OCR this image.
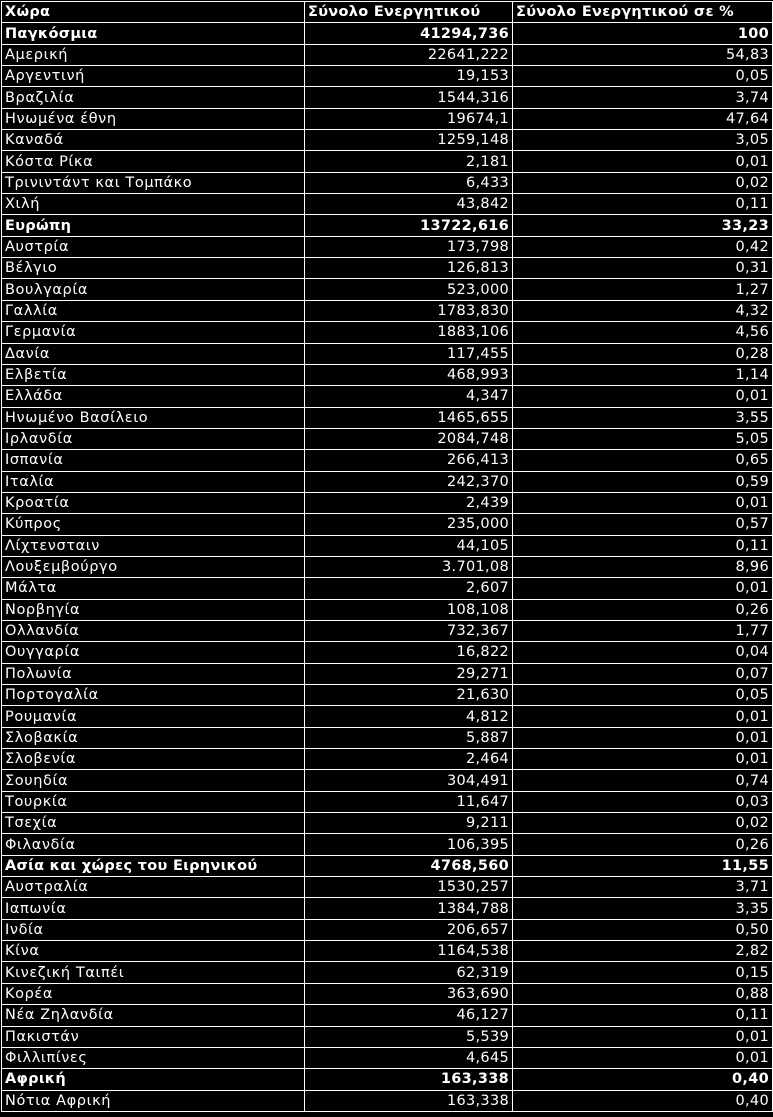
Χώρα	Σύνολο Ενεργητικού	Σύνολο Ενεργητικού σε %
Παγκόσμια	41294,736	100
Αμερική	22641,222	54,83
Αργεντινή	19,153	0,05
Βραζιλία	1544,316	3,74
Ηνωμένα έθνη	19674,1	47,64
Καναδά	1259,148	3,05
Κόστα Ρίκα	2,181	0,01
Τρινιντάντ και Τομπάκο	6,433	0,02
Χιλή	43,842	0,11
Ευρώπη	13722,616	33,23
Αυστρία	173,798	0,42
Βέλγιο	126,813	0,31
Βουλγαρία	523,000	1,27
Γαλλία	1783,830	4,32
Γερμανία	1883,106	4,56
Δανία	117,455	0,28
Ελβετία	468,993	1,14
Ελλάδα	4,347	0,01
Ηνωμένο Βασίλειο	1465,655	3,55
Ιρλανδία	2084,748	5,05
Ισπανία	266,413	0,65
Ιταλία	242,370	0,59
Κροατία	2,439	0,01
Κύπρος	235,000	0,57
Λίχτενσταιν	44,105	0,11
Λουξεμβούργο	3.701,08	8,96
Μάλτα	2,607	0,01
Νορβηγία	108,108	0,26
Ολλανδία	732,367	1,77
Ουγγαρία	16,822	0,04
Πολωνία	29,271	0,07
Πορτογαλία	21,630	0,05
Ρουμανία	4,812	0,01
Σλοβακία	5,887	0,01
Σλοβενία	2,464	0,01
Σουηδία	304,491	0,74
Τουρκία	11,647	0,03
Τσεχία	9,211	0,02
Φιλανδία	106,395	0,26
Ασία και χώρες του Ειρηνικού	4768,560	11,55
Αυστραλία	1530,257	3,71
Ιαπωνία	1384,788	3,35
Ινδία	206,657	0,50
Κίνα	1164,538	2,82
Κινεζική Ταιπέι	62,319	0,15
Κορέα	363,690	0,88
Νέα Ζηλανδία	46,127	0,11
Πακιστάν	5,539	0,01
Φιλλιπίνες	4,645	0,01
Αφρική	163,338	0,40
Νότια Αφρική	163,338	0,40
